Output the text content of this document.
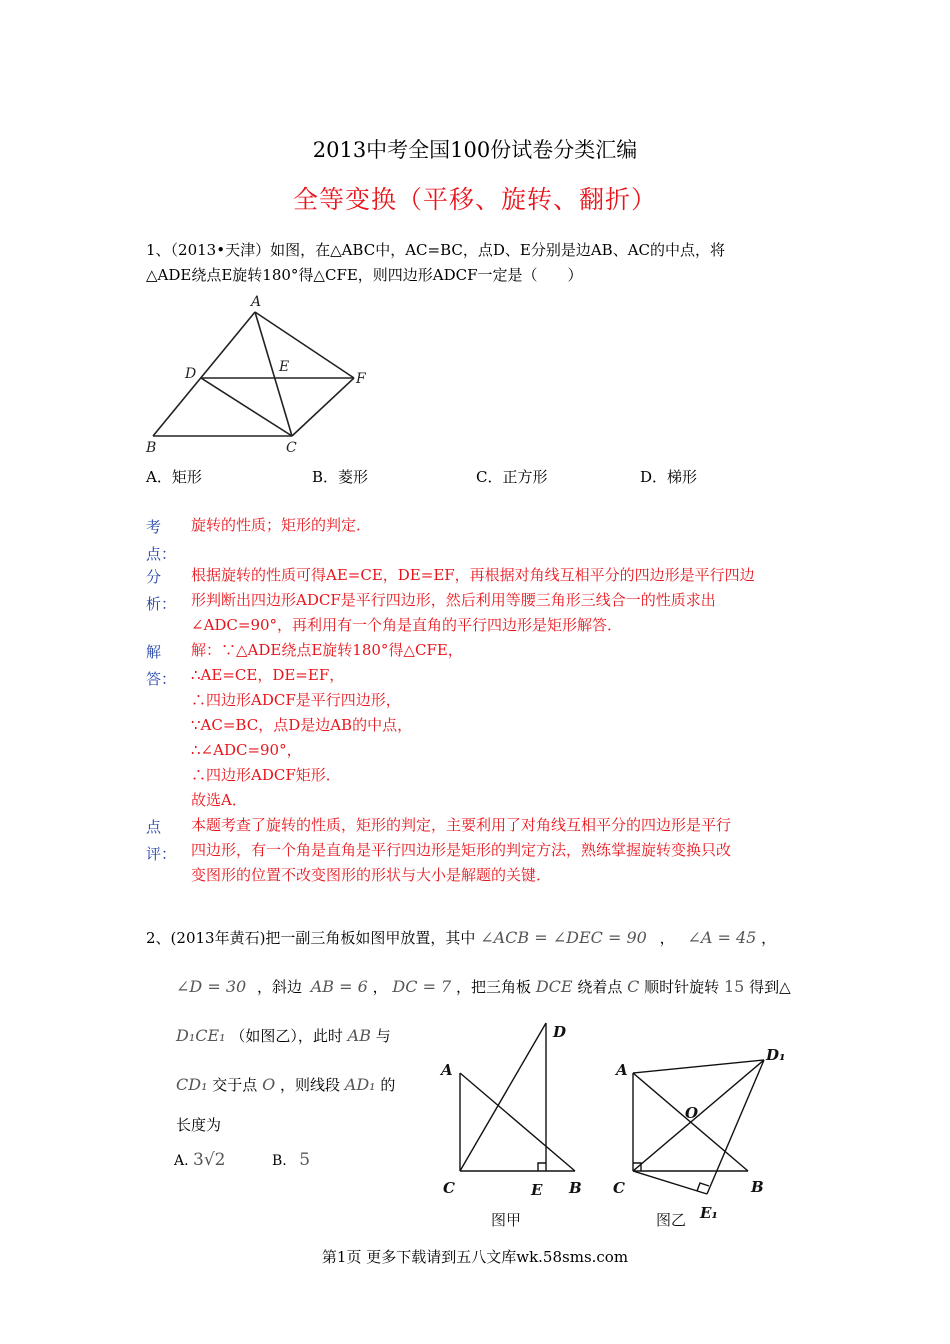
2013中考全国100份试卷分类汇编
全等变换（平移、旋转、翻折）
1、（2013•天津）如图，在△ABC中，AC=BC，点D、E分别是边AB、AC的中点，将
△ADE绕点E旋转180°得△CFE，则四边形ADCF一定是（　　）
A
B	C
D	E
F
A．矩形	B．菱形	C．正方形	D．梯形
考
点：
旋转的性质；矩形的判定．
分
析：
根据旋转的性质可得AE=CE，DE=EF，再根据对角线互相平分的四边形是平行四边
形判断出四边形ADCF是平行四边形，然后利用等腰三角形三线合一的性质求出
∠ADC=90°，再利用有一个角是直角的平行四边形是矩形解答．
解
答：
解：∵△ADE绕点E旋转180°得△CFE，
∴AE=CE，DE=EF，
∴四边形ADCF是平行四边形，
∵AC=BC，点D是边AB的中点，
∴∠ADC=90°，
∴四边形ADCF矩形．
故选A．
点
评：
本题考查了旋转的性质，矩形的判定，主要利用了对角线互相平分的四边形是平行
四边形，有一个角是直角是平行四边形是矩形的判定方法，熟练掌握旋转变换只改
变图形的位置不改变图形的形状与大小是解题的关键．
2、(2013年黄石)把一副三角板如图甲放置，其中 ∠ACB = ∠DEC = 90 ， ∠A = 45 ，
∠D = 30 ，斜边 AB = 6 ， DC = 7 ，把三角板 DCE 绕着点 C 顺时针旋转 15 得到△
D₁CE₁ （如图乙），此时 AB 与
CD₁ 交于点 O ，则线段 AD₁ 的
长度为
A. 3√2	B. 5
A
C
D
E B
图甲
A
C
D₁
E₁
B
O
图乙
第1页 更多下载请到五八文库wk.58sms.com
